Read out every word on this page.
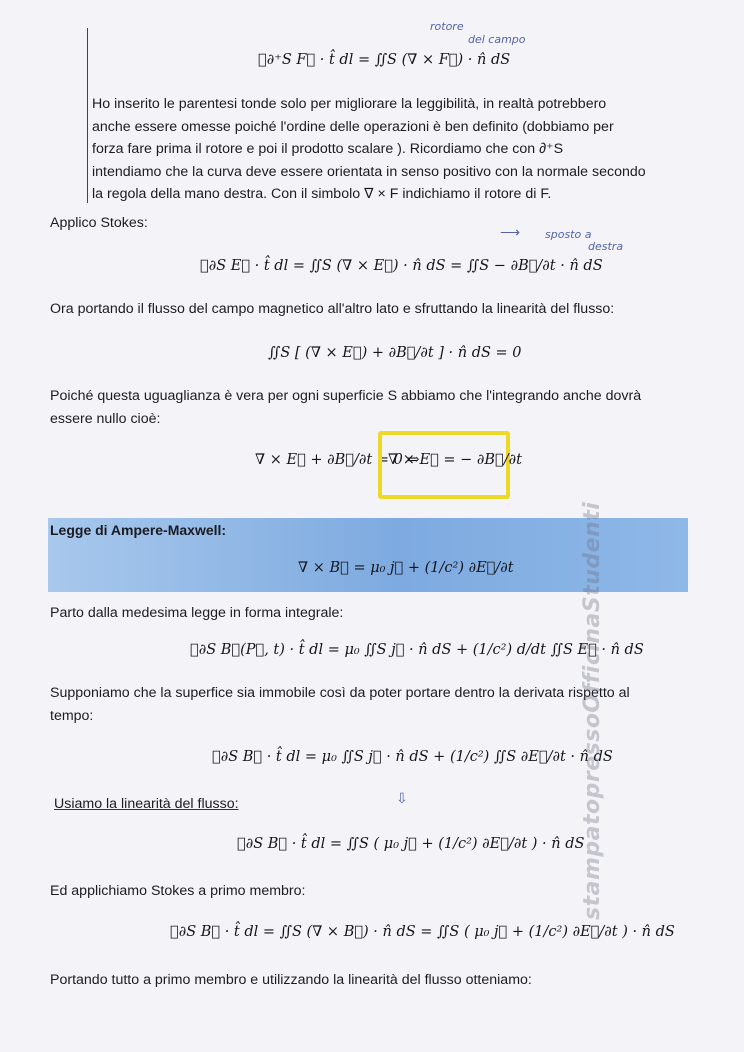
∮∂⁺S F⃗ · t̂ dl = ∬S (∇ × F⃗) · n̂ dS
rotore
del campo
Ho inserito le parentesi tonde solo per migliorare la leggibilità, in realtà potrebbero
anche essere omesse poiché l'ordine delle operazioni è ben definito (dobbiamo per
forza fare prima il rotore e poi il prodotto scalare ). Ricordiamo che con ∂⁺S
intendiamo che la curva deve essere orientata in senso positivo con la normale secondo
la regola della mano destra. Con il simbolo ∇ × F indichiamo il rotore di F.
Applico Stokes:
⟶ sposto a
destra
∮∂S E⃗ · t̂ dl = ∬S (∇ × E⃗) · n̂ dS = ∬S − ∂B⃗/∂t · n̂ dS
Ora portando il flusso del campo magnetico all'altro lato e sfruttando la linearità del flusso:
∬S [ (∇ × E⃗) + ∂B⃗/∂t ] · n̂ dS = 0
Poiché questa uguaglianza è vera per ogni superficie S abbiamo che l'integrando anche dovrà
essere nullo cioè:
∇ × E⃗ + ∂B⃗/∂t = 0 ⇒
∇ × E⃗ = − ∂B⃗/∂t
Legge di Ampere-Maxwell:
∇ × B⃗ = μ₀ j⃗ + (1/c²) ∂E⃗/∂t
Parto dalla medesima legge in forma integrale:
∮∂S B⃗(P⃗, t) · t̂ dl = μ₀ ∬S j⃗ · n̂ dS + (1/c²) d/dt ∬S E⃗ · n̂ dS
Supponiamo che la superfice sia immobile così da poter portare dentro la derivata rispetto al
tempo:
∮∂S B⃗ · t̂ dl = μ₀ ∬S j⃗ · n̂ dS + (1/c²) ∬S ∂E⃗/∂t · n̂ dS
Usiamo la linearità del flusso:	⇩
∮∂S B⃗ · t̂ dl = ∬S ( μ₀ j⃗ + (1/c²) ∂E⃗/∂t ) · n̂ dS
Ed applichiamo Stokes a primo membro:
∮∂S B⃗ · t̂ dl = ∬S (∇ × B⃗) · n̂ dS = ∬S ( μ₀ j⃗ + (1/c²) ∂E⃗/∂t ) · n̂ dS
Portando tutto a primo membro e utilizzando la linearità del flusso otteniamo:
stampatopressoOfficinaStudenti
